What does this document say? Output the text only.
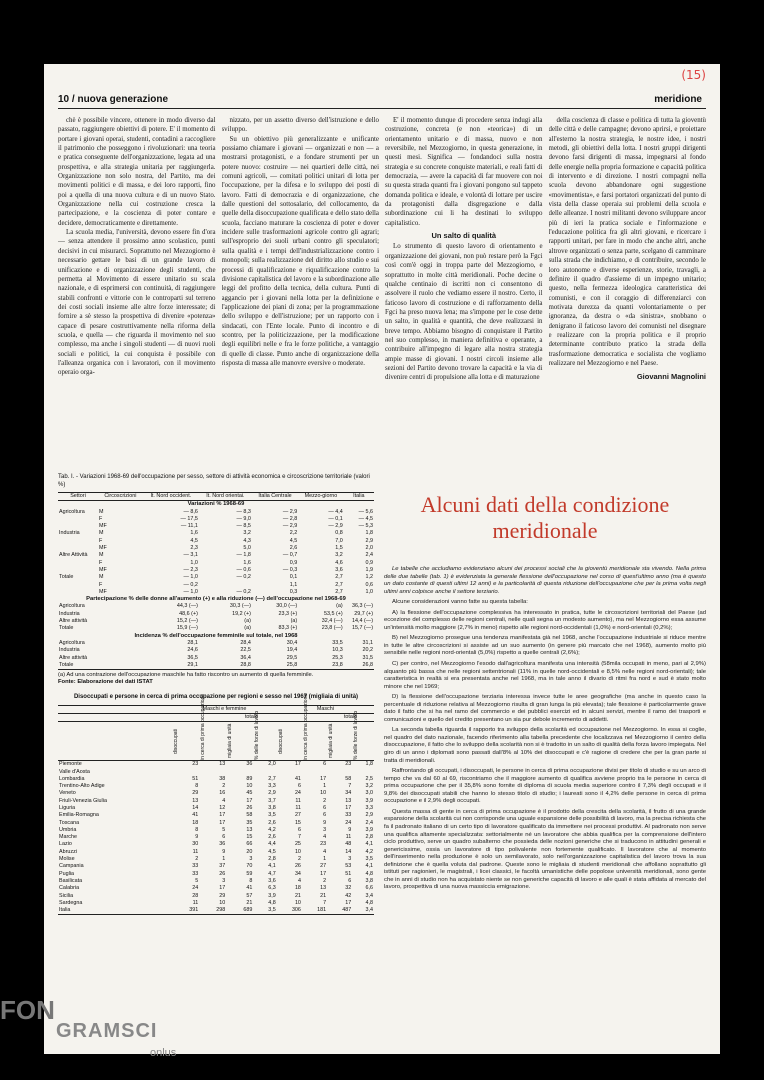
10 / nuova generazione	meridione
(15)

chè è possibile vincere, ottenere in modo diverso dal passato, raggiungere obiettivi di potere. E' il momento di portare i giovani operai, studenti, contadini a raccogliere il patrimonio che posseggono i rivoluzionari: una teoria e pratica conseguente dell'organizzazione, legata ad una prospettiva, e alla strategia unitaria per raggiungerla. Organizzazione non solo nostra, del Partito, ma dei movimenti politici e di massa, e dei loro rapporti, fino poi a quella di una nuova cultura e di un nuovo Stato. Organizzazione nella cui costruzione cresca la partecipazione, e la coscienza di poter contare e decidere, democraticamente e direttamente.

La scuola media, l'università, devono essere fin d'ora — senza attendere il prossimo anno scolastico, punti decisivi in cui misurarci. Soprattutto nel Mezzogiorno è necessario gettare le basi di un grande lavoro di unificazione e di organizzazione degli studenti, che permetta al Movimento di essere unitario su scala nazionale, e di esprimersi con continuità, di raggiungere stabili confronti e vittorie con le controparti sul terreno dei costi sociali insieme alle altre forze interessate; di fornire a sè stesso la prospettiva di divenire «potenza» capace di pesare costruttivamente nella riforma della scuola, e quella — che riguarda il movimento nel suo complesso, ma anche i singoli studenti — di nuovi ruoli sociali e politici, la cui conquista è possibile con l'alleanza organica con i lavoratori, con il movimento operaio orga-

nizzato, per un assetto diverso dell'istruzione e dello sviluppo.

Su un obiettivo più generalizzante e unificante possiamo chiamare i giovani — organizzati e non — a mostrarsi protagonisti, e a fondare strumenti per un potere nuovo: costruire — nei quartieri delle città, nei comuni agricoli, — comitati politici unitari di lotta per l'occupazione, per la difesa e lo sviluppo dei posti di lavoro. Fatti di democrazia e di organizzazione, che dalle questioni del sottosalario, del collocamento, da quelle della disoccupazione qualificata e dello stato della scuola, facciano maturare la coscienza di poter e dover incidere sulle trasformazioni agricole contro gli agrari; sull'esproprio dei suoli urbani contro gli speculatori; sulla qualità e i tempi dell'industrializzazione contro i monopoli; sulla realizzazione del diritto allo studio e sui processi di qualificazione e riqualificazione contro la divisione capitalistica del lavoro e la subordinazione alle leggi del profitto della tecnica, della cultura. Punti di aggancio per i giovani nella lotta per la definizione e l'applicazione dei piani di zona; per la programmazione dello sviluppo e dell'istruzione; per un rapporto con i sindacati, con l'Ente locale. Punto di incontro e di scontro, per la politicizzazione, per la modificazione degli equilibri nelle e fra le forze politiche, a vantaggio di quelle di classe. Punto anche di organizzazione della risposta di massa alle manovre eversive o moderate.

E' il momento dunque di procedere senza indugi alla costruzione, concreta (e non «teorica») di un orientamento unitario e di massa, nuovo e non reversibile, nel Mezzogiorno, in questa generazione, in questi mesi. Significa — fondandoci sulla nostra strategia e su concrete conquiste materiali, e reali fatti di democrazia, — avere la capacità di far muovere con noi su questa strada quanti fra i giovani pongono sul tappeto domanda politica e ideale, e volontà di lottare per uscire da protagonisti dalla disgregazione e dalla subordinazione cui li ha destinati lo sviluppo capitalistico.

Un salto di qualità

Lo strumento di questo lavoro di orientamento e organizzazione dei giovani, non può restare però la Fgci così com'è oggi in troppa parte del Mezzogiorno, e soprattutto in molte città meridionali. Poche decine o qualche centinaio di iscritti non ci consentono di assolvere il ruolo che vediamo essere il nostro. Certo, il faticoso lavoro di costruzione e di rafforzamento della Fgci ha preso nuova lena; ma s'impone per le cose dette un salto, in qualità e quantità, che deve realizzarsi in breve tempo. Abbiamo bisogno di conquistare il Partito nel suo complesso, in maniera definitiva e operante, a contribuire all'impegno di legare alla nostra strategia ampie masse di giovani. I nostri circoli insieme alle sezioni del Partito devono trovare la capacità e la via di divenire centri di propulsione alla lotta e di maturazione

della coscienza di classe e politica di tutta la gioventù delle città e delle campagne; devono aprirsi, e proiettare all'esterno la nostra strategia, le nostre idee, i nostri metodi, gli obiettivi della lotta. I nostri gruppi dirigenti devono farsi dirigenti di massa, impegnarsi al fondo delle energie nella propria formazione e capacità politica di intervento e di direzione. I nostri compagni nella scuola devono abbandonare ogni suggestione «movimentista», e farsi portatori organizzati del punto di vista della classe operaia sui problemi della scuola e delle alleanze. I nostri militanti devono sviluppare ancor più di ieri la pratica sociale e l'informazione e l'educazione politica fra gli altri giovani, e ricercare i rapporti unitari, per fare in modo che anche altri, anche altrove organizzati o senza parte, scelgano di camminare sulla strada che indichiamo, e di contribuire, secondo le loro autonome e diverse esperienze, storie, travagli, a definire il quadro d'assieme di un impegno unitario; questo, nella fermezza ideologica caratteristica dei comunisti, e con il coraggio di differenziarci con motivata durezza da quanti volontariamente o per ignoranza, da destra o «da sinistra», snobbano o denigrano il faticoso lavoro dei comunisti nel disegnare e realizzare con la propria politica e il proprio determinante contributo pratico la strada della trasformazione democratica e socialista che vogliamo realizzare nel Mezzogiorno e nel Paese.

Giovanni Magnolini
Tab. I. - Variazioni 1968-69 dell'occupazione per sesso, settore di attività economica e circoscrizione territoriale (valori %)
Settori	Circoscrizioni	It. Nord occident.	It. Nord orientai.	Italia Centrale	Mezzo-giorno	Italia
Variazioni % 1968-69						
Agricoltura	M	— 8,6	— 8,3	— 2,9	— 4,4	— 5,6
	F	— 17,5	— 9,0	— 2,8	— 0,1	— 4,5
	MF	— 11,1	— 8,5	— 2,9	— 2,9	— 5,3
Industria	M	1,6	3,2	2,2	0,8	1,8
	F	4,5	4,3	4,5	7,0	2,9
	MF	2,3	5,0	2,6	1,5	2,0
Altre Attività	M	— 3,1	— 1,8	— 0,7	3,2	2,4
	F	1,0	1,6	0,9	4,6	0,9
	MF	— 2,3	— 0,6	— 0,3	3,6	1,9
Totale	M	— 1,0	— 0,2	0,1	2,7	1,2
	F	— 0,2		1,1	2,7	0,6
	MF	— 1,0	— 0,2	0,3	2,7	1,0
Partecipazione % delle donne all'aumento (+) e alla riduzione (—) dell'occupazione nel 1968-69						
Agricoltura		44,3 (—)	30,3 (—)	30,0 (—)	(a)	36,3 (—)
Industria		48,6 (+)	19,2 (+)	23,3 (+)	53,5 (+)	29,7 (+)
Altre attività		15,2 (—)	(a)	(a)	32,4 (—)	14,4 (—)
Totale		15,9 (—)	(a)	83,3 (+)	23,8 (—)	15,7 (—)
Incidenza % dell'occupazione femminile sul totale, nel 1968						
Agricoltura		28,1	28,4	30,4	33,5	31,1
Industria		24,6	22,5	19,4	10,3	20,2
Altre attività		36,5	36,4	29,5	25,3	31,5
Totale		29,1	28,8	25,8	23,8	26,8
(a) Ad una contrazione dell'occupazione maschile ha fatto riscontro un aumento di quella femminile.
Fonte: Elaborazione dei dati ISTAT
Disoccupati e persone in cerca di prima occupazione per regioni e sesso nel 1967 (migliaia di unità)
	Maschi e femmine				Maschi			
			totale				totale	

	disoccupati	in cerca di prima occupazione	migliaia di unità	% delle forze di lavoro	disoccupati	in cerca di prima occupazione	migliaia di unità	% delle forze di lavoro

Piemonte	23	13	36	2,0	17	6	23	1,8
Valle d'Aosta								
Lombardia	51	38	89	2,7	41	17	58	2,5
Trentino-Alto Adige	8	2	10	3,3	6	1	7	3,2
Veneto	29	16	45	2,9	24	10	34	3,0
Friuli-Venezia Giulia	13	4	17	3,7	11	2	13	3,9
Liguria	14	12	26	3,8	11	6	17	3,3
Emilia-Romagna	41	17	58	3,5	27	6	33	2,9
Toscana	18	17	35	2,6	15	9	24	2,4
Umbria	8	5	13	4,2	6	3	9	3,9
Marche	9	6	15	2,6	7	4	11	2,8
Lazio	30	36	66	4,4	25	23	48	4,1
Abruzzi	11	9	20	4,5	10	4	14	4,2
Molise	2	1	3	2,8	2	1	3	3,5
Campania	33	37	70	4,1	26	27	53	4,1
Puglia	33	26	59	4,7	34	17	51	4,8
Basilicata	5	3	8	3,6	4	2	6	3,8
Calabria	24	17	41	6,3	18	13	32	6,6
Sicilia	28	29	57	3,9	21	21	42	3,4
Sardegna	11	10	21	4,8	10	7	17	4,8
Italia	391	298	689	3,5	306	181	487	3,4
Alcuni dati della condizione meridionale

Le tabelle che accludiamo evidenziano alcuni dei processi sociali che la gioventù meridionale sta vivendo. Nella prima delle due tabelle (tab. 1) è evidenziata la generale flessione dell'occupazione nel corso di quest'ultimo anno (ma è questo un dato costante di questi ultimi 12 anni) e la particolarità di questa riduzione dell'occupazione che per la prima volta negli ultimi anni colpisce anche il settore terziario.

Alcune considerazioni vanno fatte su questa tabella:

A) la flessione dell'occupazione complessiva ha interessato in pratica, tutte le circoscrizioni territoriali del Paese (ad eccezione del complesso delle regioni centrali, nelle quali segna un modesto aumento), ma nel Mezzogiorno essa assume un'intensità molto maggiore (2,7% in meno) rispetto alle regioni nord-occidentali (1,0%) e nord-orientali (0,2%);

B) nel Mezzogiorno prosegue una tendenza manifestata già nel 1968, anche l'occupazione industriale si riduce mentre in tutte le altre circoscrizioni si assiste ad un suo aumento (in genere più marcato che nel 1968), aumento molto più sensibile nelle regioni nord-orientali (5,0%) rispetto a quelle centrali (2,6%);

C) per contro, nel Mezzogiorno l'esodo dall'agricoltura manifesta una intensità (58mila occupati in meno, pari al 2,9%) alquanto più bassa che nelle regioni settentrionali (11% in quelle nord-occidentali e 8,5% nelle regioni nord-orientali); tale caratteristica in realtà si era presentata anche nel 1968, ma in tale anno il divario di ritmi fra nord e sud è stato molto minore che nel 1969;

D) la flessione dell'occupazione terziaria interessa invece tutte le aree geografiche (ma anche in questo caso la percentuale di riduzione relativa al Mezzogiorno risulta di gran lunga la più elevata); tale flessione è particolarmente grave dato il fatto che si ha nel ramo del commercio e dei pubblici esercizi ed in alcuni servizi, mentre il ramo dei trasporti e comunicazioni e quello del credito presentano un sia pur debole incremento di addetti.

La seconda tabella riguarda il rapporto tra sviluppo della scolarità ed occupazione nel Mezzogiorno. In essa si coglie, nel quadro del dato nazionale, facendo riferimento alla tabella precedente che localizzava nel Mezzogiorno il centro della disoccupazione, il fatto che lo sviluppo della scolarità non si è tradotto in un salto di qualità della forza lavoro impiegata. Nel giro di un anno i diplomati sono passati dall'8% al 10% dei disoccupati e c'è ragione di credere che per la gran parte si tratta di meridionali.

Raffrontando gli occupati, i disoccupati, le persone in cerca di prima occupazione divisi per titolo di studio e su un arco di tempo che va dal 60 al 69, riscontriamo che il maggiore aumento di qualifica avviene proprio tra le persone in cerca di prima occupazione che per il 35,8% sono fornite di diploma di scuola media superiore contro il 7,3% degli occupati e il 9,8% dei disoccupati stabili che hanno lo stesso titolo di studio; i laureati sono il 4,2% delle persone in cerca di prima occupazione e il 2,9% degli occupati.

Questa massa di gente in cerca di prima occupazione è il prodotto della crescita della scolarità, il frutto di una grande espansione della scolarità cui non corrisponde una uguale espansione delle possibilità di lavoro, ma la precisa richiesta che fa il padronato italiano di un certo tipo di lavoratore qualificato da immettere nei processi produttivi. Al padronato non serve una qualifica altamente specializzata: settorialmente né un lavoratore che abbia qualifica per la comprensione dell'intero ciclo produttivo, serve un quadro subalterno che possieda delle nozioni generiche che si traducono in attitudini generali e genericissime, ossia un lavoratore di tipo polivalente non fortemente qualificato. Il lavoratore che al momento dell'inserimento nella produzione è solo un semilavorato, solo nell'organizzazione capitalistica del lavoro trova la sua definizione che è quella voluta dal padrone. Queste sono le migliaia di studenti meridionali che affollano soprattutto gli istituti per ragionieri, le magistrali, i licei classici, le facoltà umanistiche delle popolose università meridionali, sono gente che in anni di studio non ha acquistato niente se non generiche capacità di lavoro e alle quali è stata affidata al mercato del lavoro, prospettiva di una nuova massiccia emigrazione.

FON
GRAMSCI
onlus
